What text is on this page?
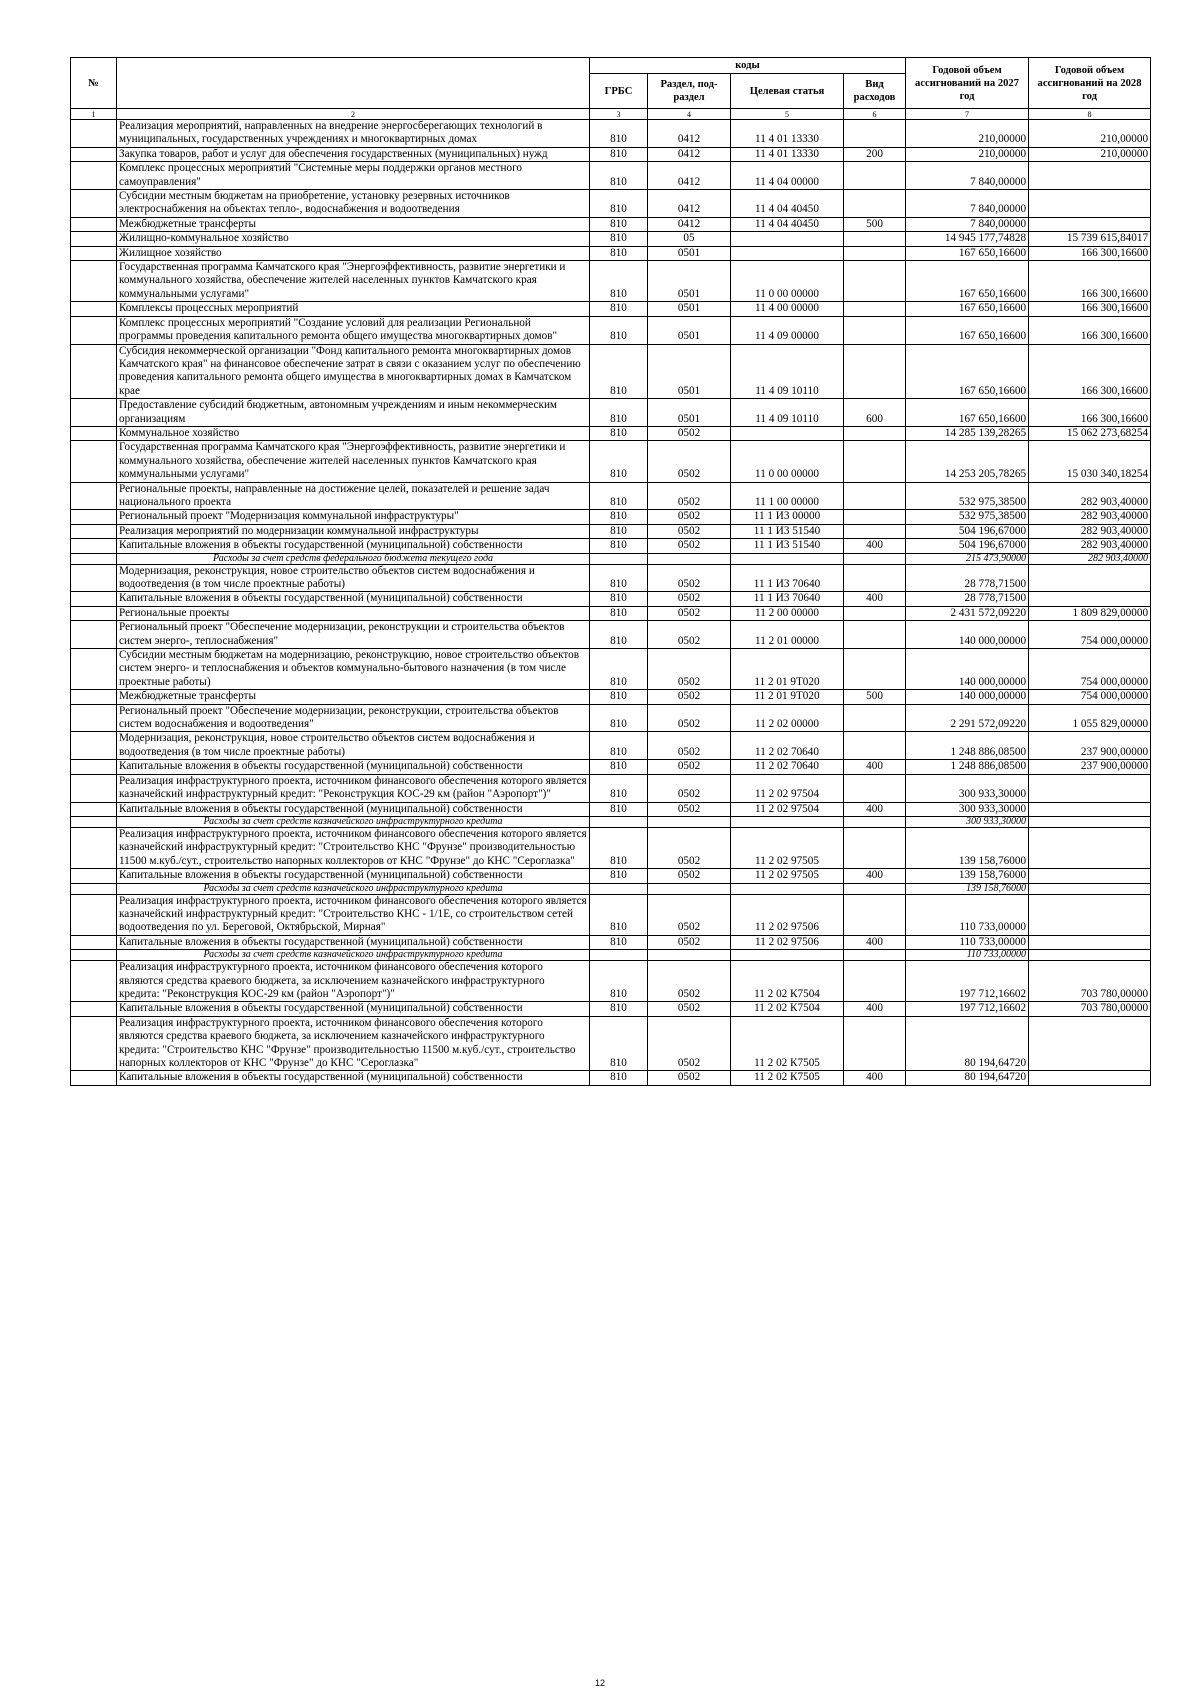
№		коды				Годовой объем ассигнований на 2027 год	Годовой объем ассигнований на 2028 год
		ГРБС	Раздел, под-раздел	Целевая статья	Вид расходов		
1	2	3	4	5	6	7	8
	Реализация мероприятий, направленных на внедрение энергосберегающих технологий в муниципальных, государственных учреждениях и многоквартирных домах	810	0412	11 4 01 13330		210,00000	210,00000
	Закупка товаров, работ и услуг для обеспечения государственных (муниципальных) нужд	810	0412	11 4 01 13330	200	210,00000	210,00000
	Комплекс процессных мероприятий "Системные меры поддержки органов местного самоуправления"	810	0412	11 4 04 00000		7 840,00000	
	Субсидии местным бюджетам на приобретение, установку резервных источников электроснабжения на объектах тепло-, водоснабжения и водоотведения	810	0412	11 4 04 40450		7 840,00000	
	Межбюджетные трансферты	810	0412	11 4 04 40450	500	7 840,00000	
	Жилищно-коммунальное хозяйство	810	05			14 945 177,74828	15 739 615,84017
	Жилищное хозяйство	810	0501			167 650,16600	166 300,16600
	Государственная программа Камчатского края "Энергоэффективность, развитие энергетики и коммунального хозяйства, обеспечение жителей населенных пунктов Камчатского края коммунальными услугами"	810	0501	11 0 00 00000		167 650,16600	166 300,16600
	Комплексы процессных мероприятий	810	0501	11 4 00 00000		167 650,16600	166 300,16600
	Комплекс процессных мероприятий "Создание условий для реализации Региональной программы проведения капитального ремонта общего имущества многоквартирных домов"	810	0501	11 4 09 00000		167 650,16600	166 300,16600
	Субсидия некоммерческой организации "Фонд капитального ремонта многоквартирных домов Камчатского края" на финансовое обеспечение затрат в связи с оказанием услуг по обеспечению проведения капитального ремонта общего имущества в многоквартирных домах в Камчатском крае	810	0501	11 4 09 10110		167 650,16600	166 300,16600
	Предоставление субсидий бюджетным, автономным учреждениям и иным некоммерческим организациям	810	0501	11 4 09 10110	600	167 650,16600	166 300,16600
	Коммунальное хозяйство	810	0502			14 285 139,28265	15 062 273,68254
	Государственная программа Камчатского края "Энергоэффективность, развитие энергетики и коммунального хозяйства, обеспечение жителей населенных пунктов Камчатского края коммунальными услугами"	810	0502	11 0 00 00000		14 253 205,78265	15 030 340,18254
	Региональные проекты, направленные на достижение целей, показателей и решение задач национального проекта	810	0502	11 1 00 00000		532 975,38500	282 903,40000
	Региональный проект "Модернизация коммунальной инфраструктуры"	810	0502	11 1 И3 00000		532 975,38500	282 903,40000
	Реализация мероприятий по модернизации коммунальной инфраструктуры	810	0502	11 1 И3 51540		504 196,67000	282 903,40000
	Капитальные вложения в объекты государственной (муниципальной) собственности	810	0502	11 1 И3 51540	400	504 196,67000	282 903,40000
	Расходы за счет средств федерального бюджета текущего года					215 473,90000	282 903,40000
	Модернизация, реконструкция, новое строительство объектов систем водоснабжения и водоотведения (в том числе проектные работы)	810	0502	11 1 И3 70640		28 778,71500	
	Капитальные вложения в объекты государственной (муниципальной) собственности	810	0502	11 1 И3 70640	400	28 778,71500	
	Региональные проекты	810	0502	11 2 00 00000		2 431 572,09220	1 809 829,00000
	Региональный проект "Обеспечение модернизации, реконструкции и строительства объектов систем энерго-, теплоснабжения"	810	0502	11 2 01 00000		140 000,00000	754 000,00000
	Субсидии местным бюджетам на модернизацию, реконструкцию, новое строительство объектов систем энерго- и теплоснабжения и объектов коммунально-бытового назначения (в том числе проектные работы)	810	0502	11 2 01 9Т020		140 000,00000	754 000,00000
	Межбюджетные трансферты	810	0502	11 2 01 9Т020	500	140 000,00000	754 000,00000
	Региональный проект "Обеспечение модернизации, реконструкции, строительства объектов систем водоснабжения и водоотведения"	810	0502	11 2 02 00000		2 291 572,09220	1 055 829,00000
	Модернизация, реконструкция, новое строительство объектов систем водоснабжения и водоотведения (в том числе проектные работы)	810	0502	11 2 02 70640		1 248 886,08500	237 900,00000
	Капитальные вложения в объекты государственной (муниципальной) собственности	810	0502	11 2 02 70640	400	1 248 886,08500	237 900,00000
	Реализация инфраструктурного проекта, источником финансового обеспечения которого является казначейский инфраструктурный кредит: "Реконструкция КОС-29 км (район "Аэропорт")"	810	0502	11 2 02 97504		300 933,30000	
	Капитальные вложения в объекты государственной (муниципальной) собственности	810	0502	11 2 02 97504	400	300 933,30000	
	Расходы за счет средств казначейского инфраструктурного кредита					300 933,30000	
	Реализация инфраструктурного проекта, источником финансового обеспечения которого является казначейский инфраструктурный кредит: "Строительство КНС "Фрунзе" производительностью 11500 м.куб./сут., строительство напорных коллекторов от КНС "Фрунзе" до КНС "Сероглазка"	810	0502	11 2 02 97505		139 158,76000	
	Капитальные вложения в объекты государственной (муниципальной) собственности	810	0502	11 2 02 97505	400	139 158,76000	
	Расходы за счет средств казначейского инфраструктурного кредита					139 158,76000	
	Реализация инфраструктурного проекта, источником финансового обеспечения которого является казначейский инфраструктурный кредит: "Строительство КНС - 1/1Е, со строительством сетей водоотведения по ул. Береговой, Октябрьской, Мирная"	810	0502	11 2 02 97506		110 733,00000	
	Капитальные вложения в объекты государственной (муниципальной) собственности	810	0502	11 2 02 97506	400	110 733,00000	
	Расходы за счет средств казначейского инфраструктурного кредита					110 733,00000	
	Реализация инфраструктурного проекта, источником финансового обеспечения которого являются средства краевого бюджета, за исключением казначейского инфраструктурного кредита: "Реконструкция КОС-29 км (район "Аэропорт")"	810	0502	11 2 02 К7504		197 712,16602	703 780,00000
	Капитальные вложения в объекты государственной (муниципальной) собственности	810	0502	11 2 02 К7504	400	197 712,16602	703 780,00000
	Реализация инфраструктурного проекта, источником финансового обеспечения которого являются средства краевого бюджета, за исключением казначейского инфраструктурного кредита: "Строительство КНС "Фрунзе" производительностью 11500 м.куб./сут., строительство напорных коллекторов от КНС "Фрунзе" до КНС "Сероглазка"	810	0502	11 2 02 К7505		80 194,64720	
	Капитальные вложения в объекты государственной (муниципальной) собственности	810	0502	11 2 02 К7505	400	80 194,64720	
12
